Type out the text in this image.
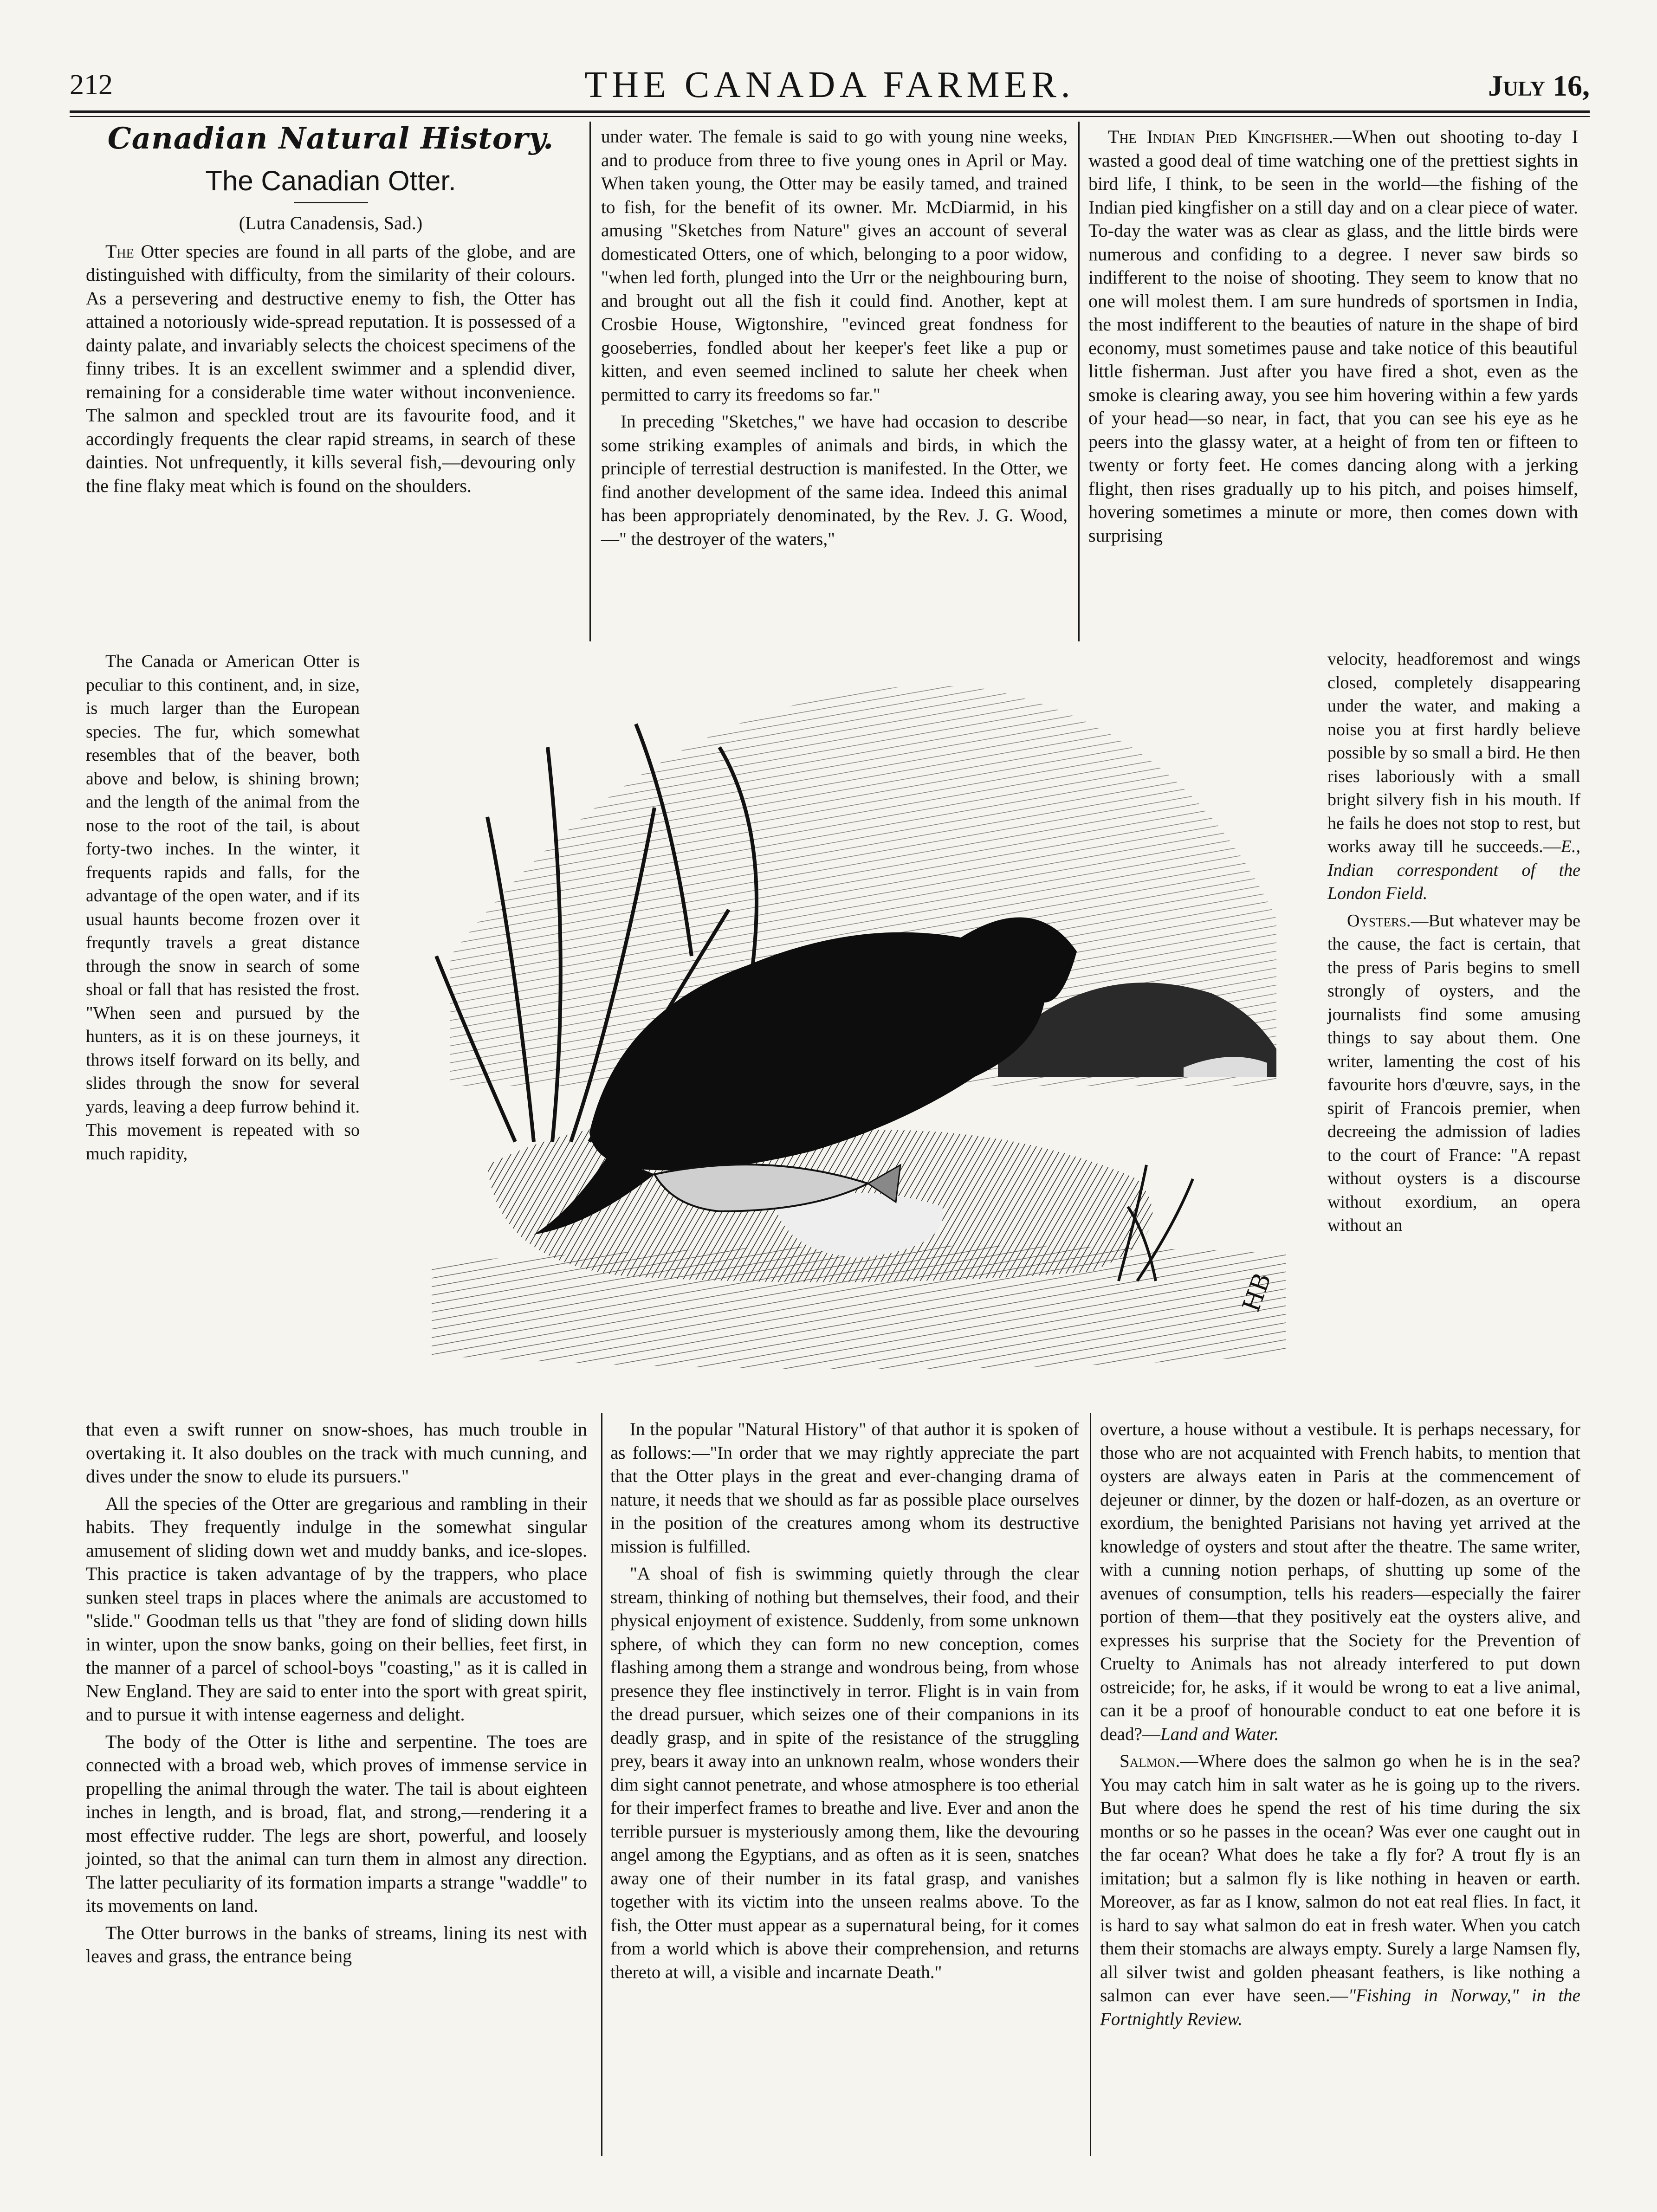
212	THE CANADA FARMER.	July 16,
Canadian Natural History.
The Canadian Otter.
(Lutra Canadensis, Sad.)

The Otter species are found in all parts of the globe, and are distinguished with difficulty, from the similarity of their colours. As a persevering and destructive enemy to fish, the Otter has attained a notoriously wide-spread reputation. It is possessed of a dainty palate, and invariably selects the choicest specimens of the finny tribes. It is an excellent swimmer and a splendid diver, remaining for a considerable time water without inconvenience. The salmon and speckled trout are its favourite food, and it accordingly frequents the clear rapid streams, in search of these dainties. Not unfrequently, it kills several fish,—devouring only the fine flaky meat which is found on the shoulders.

The Canada or American Otter is peculiar to this continent, and, in size, is much larger than the European species. The fur, which somewhat resembles that of the beaver, both above and below, is shining brown; and the length of the animal from the nose to the root of the tail, is about forty-two inches. In the winter, it frequents rapids and falls, for the advantage of the open water, and if its usual haunts become frozen over it frequntly travels a great distance through the snow in search of some shoal or fall that has resisted the frost. "When seen and pursued by the hunters, as it is on these journeys, it throws itself forward on its belly, and slides through the snow for several yards, leaving a deep furrow behind it. This movement is repeated with so much rapidity,

that even a swift runner on snow-shoes, has much trouble in overtaking it. It also doubles on the track with much cunning, and dives under the snow to elude its pursuers."

All the species of the Otter are gregarious and rambling in their habits. They frequently indulge in the somewhat singular amusement of sliding down wet and muddy banks, and ice-slopes. This practice is taken advantage of by the trappers, who place sunken steel traps in places where the animals are accustomed to "slide." Goodman tells us that "they are fond of sliding down hills in winter, upon the snow banks, going on their bellies, feet first, in the manner of a parcel of school-boys "coasting," as it is called in New England. They are said to enter into the sport with great spirit, and to pursue it with intense eagerness and delight.

The body of the Otter is lithe and serpentine. The toes are connected with a broad web, which proves of immense service in propelling the animal through the water. The tail is about eighteen inches in length, and is broad, flat, and strong,—rendering it a most effective rudder. The legs are short, powerful, and loosely jointed, so that the animal can turn them in almost any direction. The latter peculiarity of its formation imparts a strange "waddle" to its movements on land.

The Otter burrows in the banks of streams, lining its nest with leaves and grass, the entrance being

under water. The female is said to go with young nine weeks, and to produce from three to five young ones in April or May. When taken young, the Otter may be easily tamed, and trained to fish, for the benefit of its owner. Mr. McDiarmid, in his amusing "Sketches from Nature" gives an account of several domesticated Otters, one of which, belonging to a poor widow, "when led forth, plunged into the Urr or the neighbouring burn, and brought out all the fish it could find. Another, kept at Crosbie House, Wigtonshire, "evinced great fondness for gooseberries, fondled about her keeper's feet like a pup or kitten, and even seemed inclined to salute her cheek when permitted to carry its freedoms so far."

In preceding "Sketches," we have had occasion to describe some striking examples of animals and birds, in which the principle of terrestial destruction is manifested. In the Otter, we find another development of the same idea. Indeed this animal has been appropriately denominated, by the Rev. J. G. Wood, —" the destroyer of the waters,"

In the popular "Natural History" of that author it is spoken of as follows:—"In order that we may rightly appreciate the part that the Otter plays in the great and ever-changing drama of nature, it needs that we should as far as possible place ourselves in the position of the creatures among whom its destructive mission is fulfilled.

"A shoal of fish is swimming quietly through the clear stream, thinking of nothing but themselves, their food, and their physical enjoyment of existence. Suddenly, from some unknown sphere, of which they can form no new conception, comes flashing among them a strange and wondrous being, from whose presence they flee instinctively in terror. Flight is in vain from the dread pursuer, which seizes one of their companions in its deadly grasp, and in spite of the resistance of the struggling prey, bears it away into an unknown realm, whose wonders their dim sight cannot penetrate, and whose atmosphere is too etherial for their imperfect frames to breathe and live. Ever and anon the terrible pursuer is mysteriously among them, like the devouring angel among the Egyptians, and as often as it is seen, snatches away one of their number in its fatal grasp, and vanishes together with its victim into the unseen realms above. To the fish, the Otter must appear as a supernatural being, for it comes from a world which is above their comprehension, and returns thereto at will, a visible and incarnate Death."

The Indian Pied Kingfisher.—When out shooting to-day I wasted a good deal of time watching one of the prettiest sights in bird life, I think, to be seen in the world—the fishing of the Indian pied kingfisher on a still day and on a clear piece of water. To-day the water was as clear as glass, and the little birds were numerous and confiding to a degree. I never saw birds so indifferent to the noise of shooting. They seem to know that no one will molest them. I am sure hundreds of sportsmen in India, the most indifferent to the beauties of nature in the shape of bird economy, must sometimes pause and take notice of this beautiful little fisherman. Just after you have fired a shot, even as the smoke is clearing away, you see him hovering within a few yards of your head—so near, in fact, that you can see his eye as he peers into the glassy water, at a height of from ten or fifteen to twenty or forty feet. He comes dancing along with a jerking flight, then rises gradually up to his pitch, and poises himself, hovering sometimes a minute or more, then comes down with surprising

velocity, headforemost and wings closed, completely disappearing under the water, and making a noise you at first hardly believe possible by so small a bird. He then rises laboriously with a small bright silvery fish in his mouth. If he fails he does not stop to rest, but works away till he succeeds.—E., Indian correspondent of the London Field.

Oysters.—But whatever may be the cause, the fact is certain, that the press of Paris begins to smell strongly of oysters, and the journalists find some amusing things to say about them. One writer, lamenting the cost of his favourite hors d'œuvre, says, in the spirit of Francois premier, when decreeing the admission of ladies to the court of France: "A repast without oysters is a discourse without exordium, an opera without an

overture, a house without a vestibule. It is perhaps necessary, for those who are not acquainted with French habits, to mention that oysters are always eaten in Paris at the commencement of dejeuner or dinner, by the dozen or half-dozen, as an overture or exordium, the benighted Parisians not having yet arrived at the knowledge of oysters and stout after the theatre. The same writer, with a cunning notion perhaps, of shutting up some of the avenues of consumption, tells his readers—especially the fairer portion of them—that they positively eat the oysters alive, and expresses his surprise that the Society for the Prevention of Cruelty to Animals has not already interfered to put down ostreicide; for, he asks, if it would be wrong to eat a live animal, can it be a proof of honourable conduct to eat one before it is dead?—Land and Water.

Salmon.—Where does the salmon go when he is in the sea? You may catch him in salt water as he is going up to the rivers. But where does he spend the rest of his time during the six months or so he passes in the ocean? Was ever one caught out in the far ocean? What does he take a fly for? A trout fly is an imitation; but a salmon fly is like nothing in heaven or earth. Moreover, as far as I know, salmon do not eat real flies. In fact, it is hard to say what salmon do eat in fresh water. When you catch them their stomachs are always empty. Surely a large Namsen fly, all silver twist and golden pheasant feathers, is like nothing a salmon can ever have seen.—"Fishing in Norway," in the Fortnightly Review.

HB
